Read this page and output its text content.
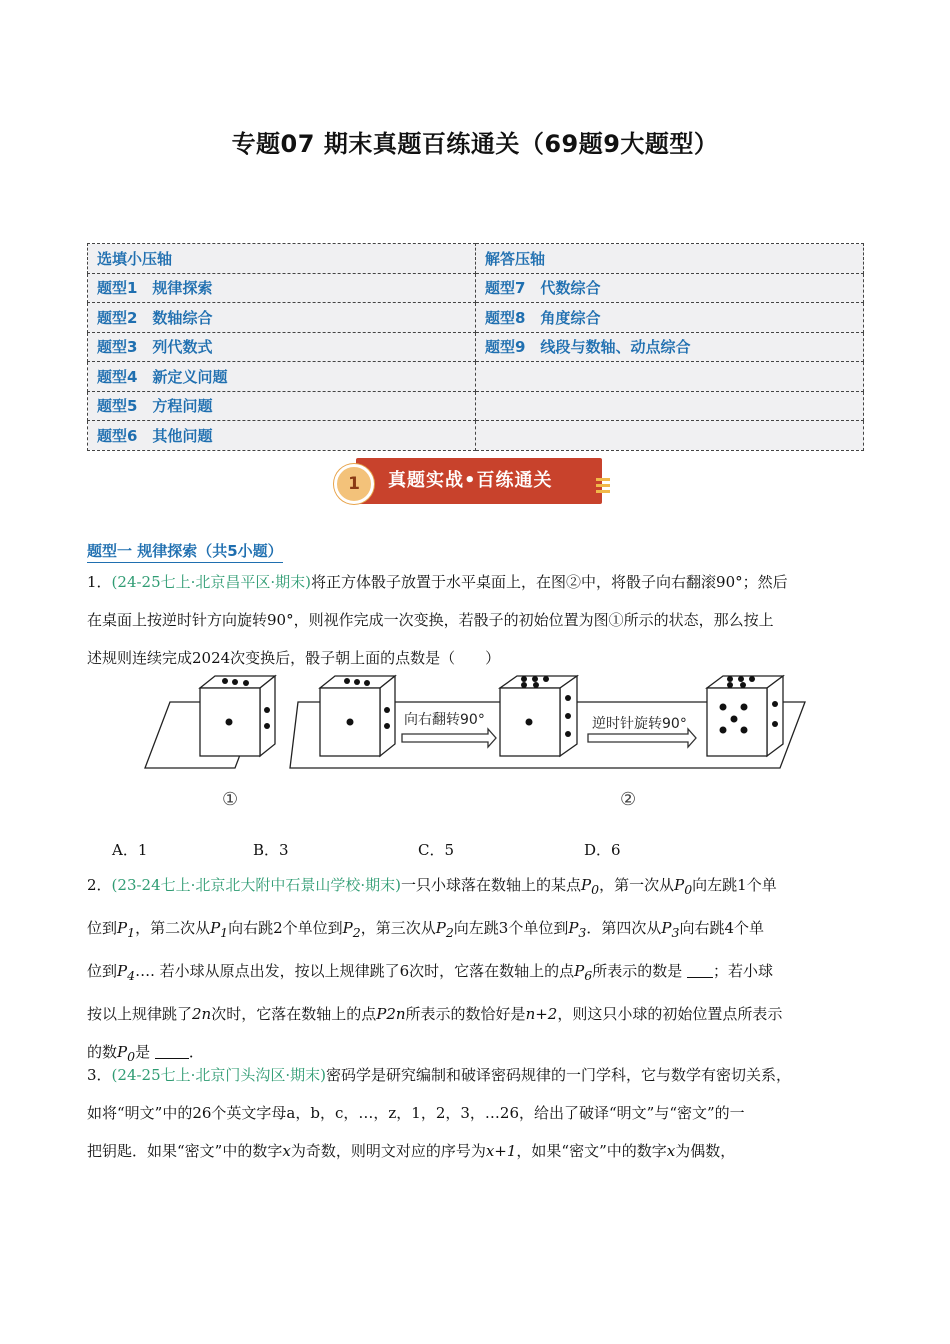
专题07 期末真题百练通关（69题9大题型）
选填小压轴	解答压轴
题型1　规律探索	题型7　代数综合
题型2　数轴综合	题型8　角度综合
题型3　列代数式	题型9　线段与数轴、动点综合
题型4　新定义问题	
题型5　方程问题	
题型6　其他问题	
1	真题实战•百练通关
题型一 规律探索（共5小题）
1．(24-25七上·北京昌平区·期末)将正方体骰子放置于水平桌面上，在图②中，将骰子向右翻滚90°；然后
在桌面上按逆时针方向旋转90°，则视作完成一次变换，若骰子的初始位置为图①所示的状态，那么按上
述规则连续完成2024次变换后，骰子朝上面的点数是（　　）
向右翻转90°	逆时针旋转90°
①	②
A．1	B．3	C．5	D．6
2．(23-24七上·北京北大附中石景山学校·期末)一只小球落在数轴上的某点$P_0$，第一次从$P_0$向左跳1个单
位到$P_1$，第二次从$P_1$向右跳2个单位到$P_2$，第三次从$P_2$向左跳3个单位到$P_3$．第四次从$P_3$向右跳4个单
位到$P_4\dots$. 若小球从原点出发，按以上规律跳了6次时，它落在数轴上的点$P_6$所表示的数是 ；若小球
按以上规律跳了2n次时，它落在数轴上的点P2n所表示的数恰好是n+2，则这只小球的初始位置点所表示
的数$P_0$是	．
3．(24-25七上·北京门头沟区·期末)密码学是研究编制和破译密码规律的一门学科，它与数学有密切关系，
如将“明文”中的26个英文字母a，b，c，…，z，1，2，3，…26，给出了破译“明文”与“密文”的一
把钥匙．如果“密文”中的数字x为奇数，则明文对应的序号为x+1，如果“密文”中的数字x为偶数，
